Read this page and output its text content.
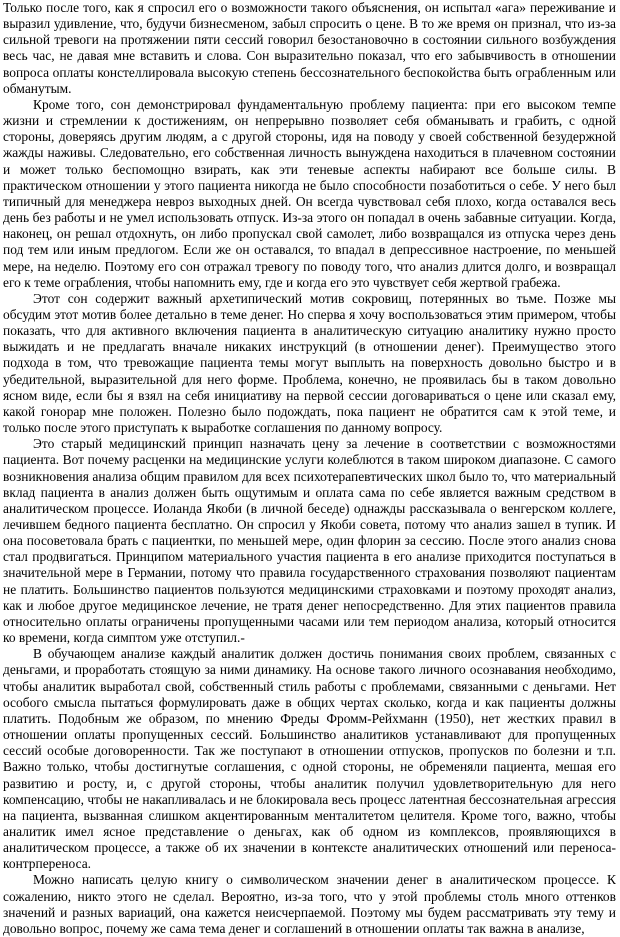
Только после того, как я спросил его о возможности такого объяснения, он испытал «ага» переживание и выразил удивление, что, будучи бизнесменом, забыл спросить о цене. В то же время он признал, что из-за сильной тревоги на протяжении пяти сессий говорил безостановочно в состоянии сильного возбуждения весь час, не давая мне вставить и слова. Сон выразительно показал, что его забывчивость в отношении вопроса оплаты констеллировала высокую степень бессознательного беспокойства быть ограбленным или обманутым.

Кроме того, сон демонстрировал фундаментальную проблему пациента: при его высоком темпе жизни и стремлении к достижениям, он непрерывно позволяет себя обманывать и грабить, с одной стороны, доверяясь другим людям, а с другой стороны, идя на поводу у своей собственной безудержной жажды наживы. Следовательно, его собственная личность вынуждена находиться в плачевном состоянии и может только беспомощно взирать, как эти теневые аспекты набирают все больше силы. В практическом отношении у этого пациента никогда не было способности позаботиться о себе. У него был типичный для менеджера невроз выходных дней. Он всегда чувствовал себя плохо, когда оставался весь день без работы и не умел использовать отпуск. Из-за этого он попадал в очень забавные ситуации. Когда, наконец, он решал отдохнуть, он либо пропускал свой самолет, либо возвращался из отпуска через день под тем или иным предлогом. Если же он оставался, то впадал в депрессивное настроение, по меньшей мере, на неделю. Поэтому его сон отражал тревогу по поводу того, что анализ длится долго, и возвращал его к теме ограбления, чтобы напомнить ему, где и когда его это чувствует себя жертвой грабежа.

Этот сон содержит важный архетипический мотив сокровищ, потерянных во тьме. Позже мы обсудим этот мотив более детально в теме денег. Но сперва я хочу воспользоваться этим примером, чтобы показать, что для активного включения пациента в аналитическую ситуацию аналитику нужно просто выжидать и не предлагать вначале никаких инструкций (в отношении денег). Преимущество этого подхода в том, что тревожащие пациента темы могут выплыть на поверхность довольно быстро и в убедительной, выразительной для него форме. Проблема, конечно, не проявилась бы в таком довольно ясном виде, если бы я взял на себя инициативу на первой сессии договариваться о цене или сказал ему, какой гонорар мне положен. Полезно было подождать, пока пациент не обратится сам к этой теме, и только после этого приступать к выработке соглашения по данному вопросу.

Это старый медицинский принцип назначать цену за лечение в соответствии с возможностями пациента. Вот почему расценки на медицинские услуги колеблются в таком широком диапазоне. С самого возникновения анализа общим правилом для всех психотерапевтических школ было то, что материальный вклад пациента в анализ должен быть ощутимым и оплата сама по себе является важным средством в аналитическом процессе. Иоланда Якоби (в личной беседе) однажды рассказывала о венгерском коллеге, лечившем бедного пациента бесплатно. Он спросил у Якоби совета, потому что анализ зашел в тупик. И она посоветовала брать с пациентки, по меньшей мере, один флорин за сессию. После этого анализ снова стал продвигаться. Принципом материального участия пациента в его анализе приходится поступаться в значительной мере в Германии, потому что правила государственного страхования позволяют пациентам не платить. Большинство пациентов пользуются медицинскими страховками и поэтому проходят анализ, как и любое другое медицинское лечение, не тратя денег непосредственно. Для этих пациентов правила относительно оплаты ограничены пропущенными часами или тем периодом анализа, который относится ко времени, когда симптом уже отступил.-

В обучающем анализе каждый аналитик должен достичь понимания своих проблем, связанных с деньгами, и проработать стоящую за ними динамику. На основе такого личного осознавания необходимо, чтобы аналитик выработал свой, собственный стиль работы с проблемами, связанными с деньгами. Нет особого смысла пытаться формулировать даже в общих чертах сколько, когда и как пациенты должны платить. Подобным же образом, по мнению Фреды Фромм-Рейхманн (1950), нет жестких правил в отношении оплаты пропущенных сессий. Большинство аналитиков устанавливают для пропущенных сессий особые договоренности. Так же поступают в отношении отпусков, пропусков по болезни и т.п. Важно только, чтобы достигнутые соглашения, с одной стороны, не обременяли пациента, мешая его развитию и росту, и, с другой стороны, чтобы аналитик получил удовлетворительную для него компенсацию, чтобы не накапливалась и не блокировала весь процесс латентная бессознательная агрессия на пациента, вызванная слишком акцентированным менталитетом целителя. Кроме того, важно, чтобы аналитик имел ясное представление о деньгах, как об одном из комплексов, проявляющихся в аналитическом процессе, а также об их значении в контексте аналитических отношений или переноса-контрпереноса.

Можно написать целую книгу о символическом значении денег в аналитическом процессе. К сожалению, никто этого не сделал. Вероятно, из-за того, что у этой проблемы столь много оттенков значений и разных вариаций, она кажется неисчерпаемой. Поэтому мы будем рассматривать эту тему и довольно вопрос, почему же сама тема денег и соглашений в отношении оплаты так важна в анализе,
